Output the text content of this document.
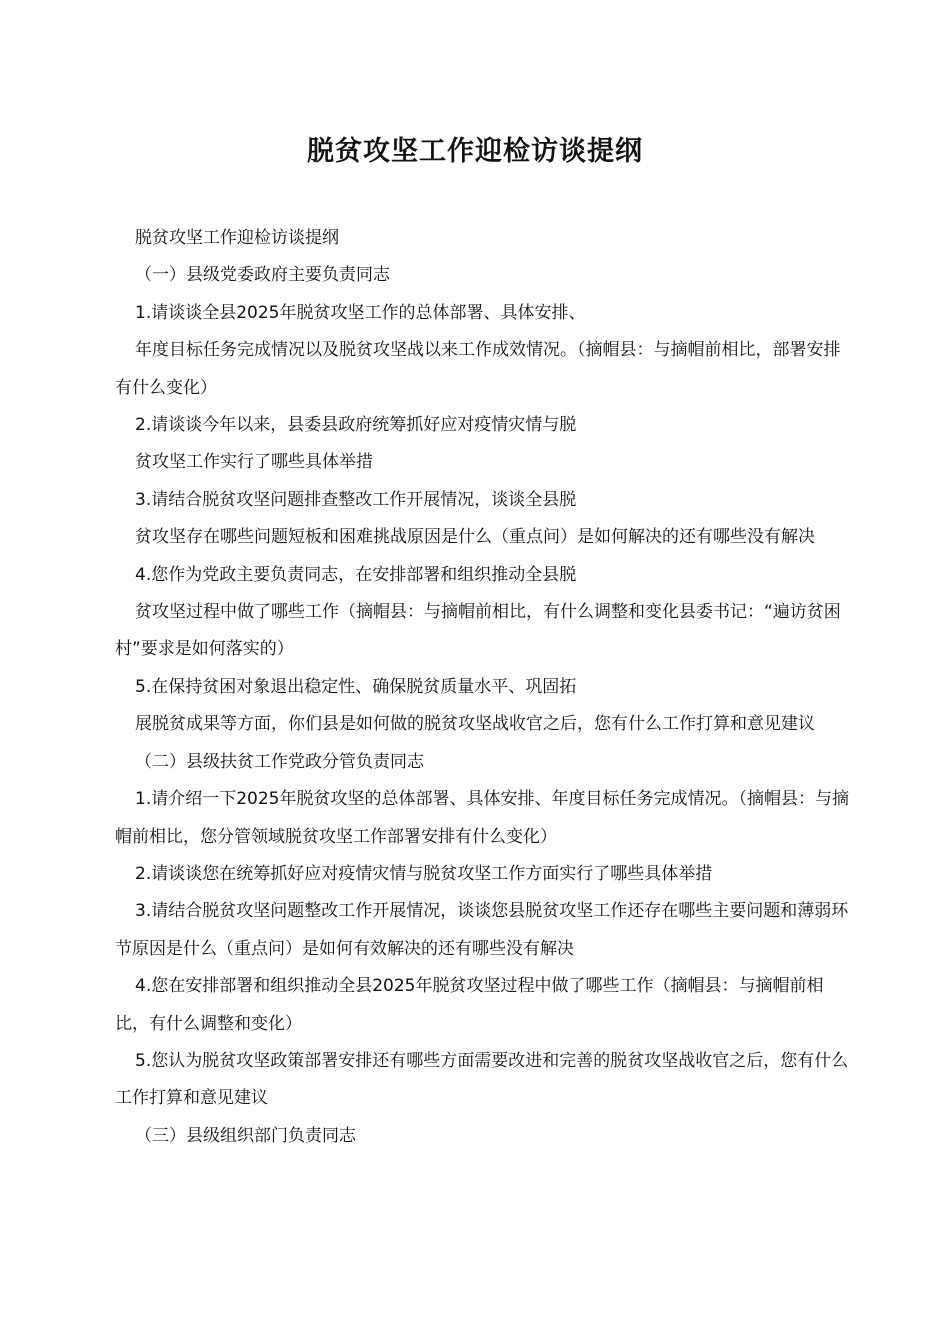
脱贫攻坚工作迎检访谈提纲

脱贫攻坚工作迎检访谈提纲

（一）县级党委政府主要负责同志

1.请谈谈全县2025年脱贫攻坚工作的总体部署、具体安排、

年度目标任务完成情况以及脱贫攻坚战以来工作成效情况。（摘帽县：与摘帽前相比，部署安排有什么变化）

2.请谈谈今年以来，县委县政府统筹抓好应对疫情灾情与脱

贫攻坚工作实行了哪些具体举措

3.请结合脱贫攻坚问题排查整改工作开展情况，谈谈全县脱

贫攻坚存在哪些问题短板和困难挑战原因是什么（重点问）是如何解决的还有哪些没有解决

4.您作为党政主要负责同志，在安排部署和组织推动全县脱

贫攻坚过程中做了哪些工作（摘帽县：与摘帽前相比，有什么调整和变化县委书记：“遍访贫困村”要求是如何落实的）

5.在保持贫困对象退出稳定性、确保脱贫质量水平、巩固拓

展脱贫成果等方面，你们县是如何做的脱贫攻坚战收官之后，您有什么工作打算和意见建议

（二）县级扶贫工作党政分管负责同志

1.请介绍一下2025年脱贫攻坚的总体部署、具体安排、年度目标任务完成情况。（摘帽县：与摘帽前相比，您分管领域脱贫攻坚工作部署安排有什么变化）

2.请谈谈您在统筹抓好应对疫情灾情与脱贫攻坚工作方面实行了哪些具体举措

3.请结合脱贫攻坚问题整改工作开展情况，谈谈您县脱贫攻坚工作还存在哪些主要问题和薄弱环节原因是什么（重点问）是如何有效解决的还有哪些没有解决

4.您在安排部署和组织推动全县2025年脱贫攻坚过程中做了哪些工作（摘帽县：与摘帽前相比，有什么调整和变化）

5.您认为脱贫攻坚政策部署安排还有哪些方面需要改进和完善的脱贫攻坚战收官之后，您有什么工作打算和意见建议

（三）县级组织部门负责同志
